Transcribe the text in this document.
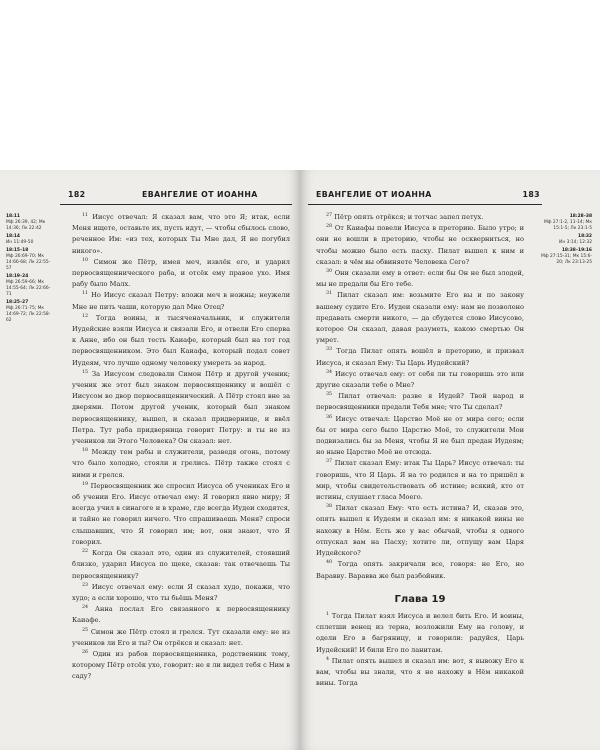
182	ЕВАНГЕЛИЕ ОТ ИОАННА
18:11
Мф 26:39, 42; Мк 14:36; Лк 22:42
18:14
Ин 11:49-50
18:15–18
Мф 26:69-70; Мк 14:66-68; Лк 22:55-57
18:19–24
Мф 26:59-66; Мк 14:55-64; Лк 22:66-71
18:25–27
Мф 26:71-75; Мк 14:69-72; Лк 22:58-62

$^{11}$ Иисус отвечал: Я сказал вам, что это Я; итак, если Меня ищете, оставьте их, пусть идут, — чтобы сбылось слово, реченное Им: «из тех, которых Ты Мне дал, Я не погубил никого».

$^{10}$ Симон же Пётр, имея меч, извлёк его, и ударил первосвященнического раба, и отсёк ему правое ухо. Имя рабу было Малх.

$^{11}$ Но Иисус сказал Петру: вложи меч в ножны; неужели Мне не пить чаши, которую дал Мне Отец?

$^{12}$ Тогда воины, и тысяченачальник, и служители Иудейские взяли Иисуса и связали Его, и отвели Его сперва к Анне, ибо он был тесть Каиафе, который был на тот год первосвященником. Это был Каиафа, который подал совет Иудеям, что лучше одному человеку умереть за народ.

$^{15}$ За Иисусом следовали Симон Пётр и другой ученик; ученик же этот был знаком первосвященнику и вошёл с Иисусом во двор первосвященнический. А Пётр стоял вне за дверями. Потом другой ученик, который был знаком первосвященнику, вышел, и сказал придвернице, и ввёл Петра. Тут раба придверница говорит Петру: и ты не из учеников ли Этого Человека? Он сказал: нет.

$^{18}$ Между тем рабы и служители, разведя огонь, потому что было холодно, стояли и грелись. Пётр также стоял с ними и грелся.

$^{19}$ Первосвященник же спросил Иисуса об учениках Его и об учении Его. Иисус отвечал ему: Я говорил явно миру; Я всегда учил в синагоге и в храме, где всегда Иудеи сходятся, и тайно не говорил ничего. Что спрашиваешь Меня? спроси слышавших, что Я говорил им; вот, они знают, что Я говорил.

$^{22}$ Когда Он сказал это, один из служителей, стоявший близко, ударил Иисуса по щеке, сказав: так отвечаешь Ты первосвященнику?

$^{23}$ Иисус отвечал ему: если Я сказал худо, покажи, что худо; а если хорошо, что ты бьёшь Меня?

$^{24}$ Анна послал Его связанного к первосвященнику Каиафе.

$^{25}$ Симон же Пётр стоял и грелся. Тут сказали ему: не из учеников ли Его и ты? Он отрёкся и сказал: нет.

$^{26}$ Один из рабов первосвященника, родственник тому, которому Пётр отсёк ухо, говорит: не я ли видел тебя с Ним в саду?

ЕВАНГЕЛИЕ ОТ ИОАННА	183
18:28–38
Мф 27:1-2, 11-14; Мк 15:1-5; Лк 23:1-5
18:32
Ин 3:14; 12:32
18:38–19:16
Мф 27:15-31; Мк 15:6-20; Лк 23:13-25

$^{27}$ Пётр опять отрёкся; и тотчас запел петух.

$^{28}$ От Каиафы повели Иисуса в преторию. Было утро; и они не вошли в преторию, чтобы не оскверниться, но чтобы можно было есть пасху. Пилат вышел к ним и сказал: в чём вы обвиняете Человека Сего?

$^{30}$ Они сказали ему в ответ: если бы Он не был злодей, мы не предали бы Его тебе.

$^{31}$ Пилат сказал им: возьмите Его вы и по закону вашему судите Его. Иудеи сказали ему: нам не позволено предавать смерти никого, — да сбудется слово Иисусово, которое Он сказал, давая разуметь, какою смертью Он умрет.

$^{33}$ Тогда Пилат опять вошёл в преторию, и призвал Иисуса, и сказал Ему: Ты Царь Иудейский?

$^{34}$ Иисус отвечал ему: от себя ли ты говоришь это или другие сказали тебе о Мне?

$^{35}$ Пилат отвечал: разве я Иудей? Твой народ и первосвященники предали Тебя мне; что Ты сделал?

$^{36}$ Иисус отвечал: Царство Моё не от мира сего; если бы от мира сего было Царство Моё, то служители Мои подвизались бы за Меня, чтобы Я не был предан Иудеям; но ныне Царство Моё не отсюда.

$^{37}$ Пилат сказал Ему: итак Ты Царь? Иисус отвечал: ты говоришь, что Я Царь. Я на то родился и на то пришёл в мир, чтобы свидетельствовать об истине; всякий, кто от истины, слушает гласа Моего.

$^{38}$ Пилат сказал Ему: что есть истина? И, сказав это, опять вышел к Иудеям и сказал им: я никакой вины не нахожу в Нём. Есть же у вас обычай, чтобы я одного отпускал вам на Пасху; хотите ли, отпущу вам Царя Иудейского?

$^{40}$ Тогда опять закричали все, говоря: не Его, но Варавву. Варавва же был разбойник.

Глава 19

$^1$ Тогда Пилат взял Иисуса и велел бить Его. И воины, сплетши венец из терна, возложили Ему на голову, и одели Его в багряницу, и говорили: радуйся, Царь Иудейский! И били Его по ланитам.

$^4$ Пилат опять вышел и сказал им: вот, я вывожу Его к вам, чтобы вы знали, что я не нахожу в Нём никакой вины. Тогда
